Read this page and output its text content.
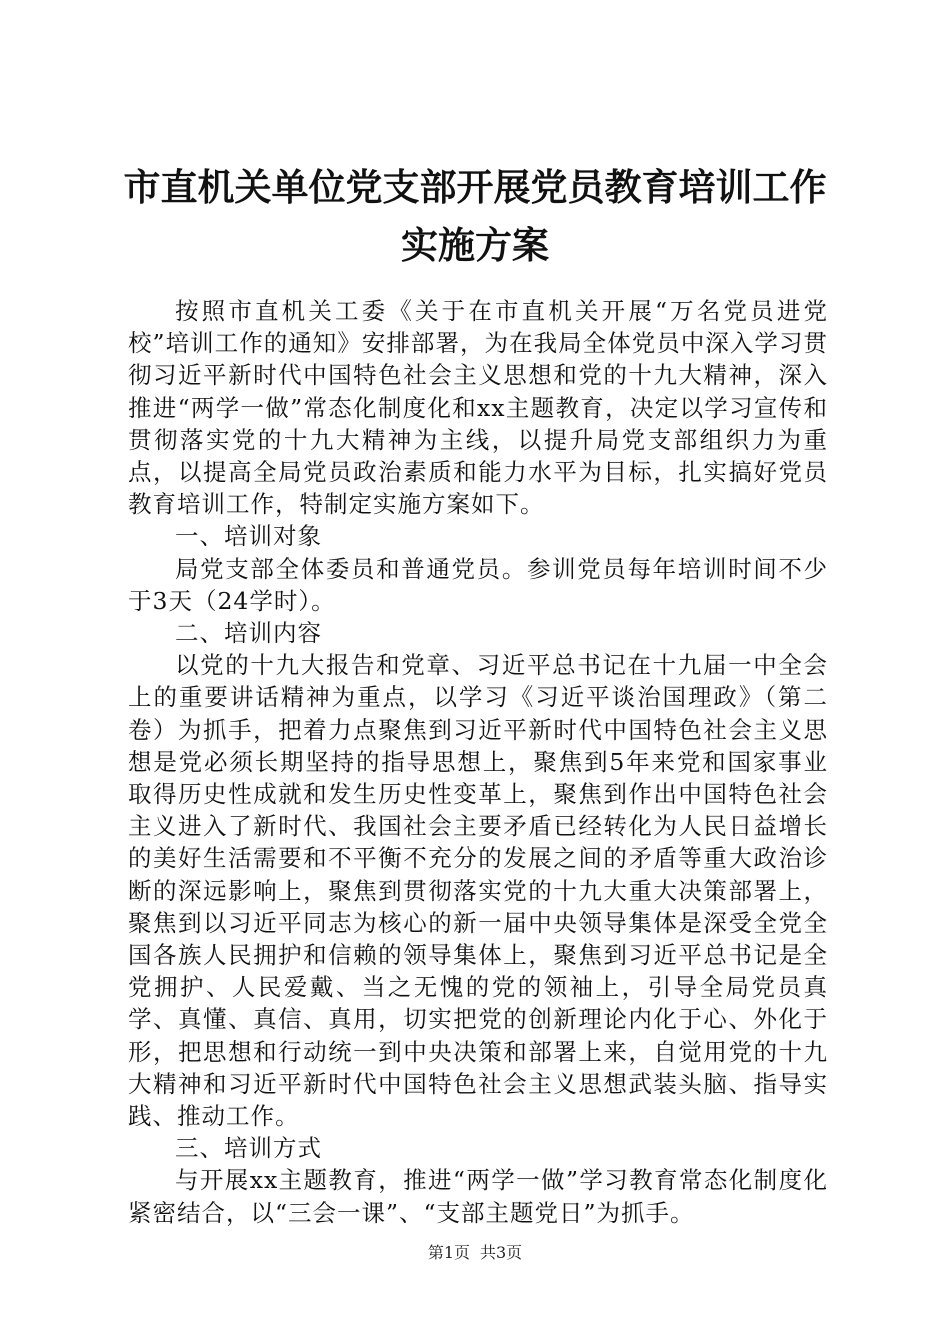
市直机关单位党支部开展党员教育培训工作实施方案

按照市直机关工委《关于在市直机关开展“万名党员进党校”培训工作的通知》安排部署，为在我局全体党员中深入学习贯彻习近平新时代中国特色社会主义思想和党的十九大精神，深入推进“两学一做”常态化制度化和xx主题教育，决定以学习宣传和贯彻落实党的十九大精神为主线，以提升局党支部组织力为重点，以提高全局党员政治素质和能力水平为目标，扎实搞好党员教育培训工作，特制定实施方案如下。

一、培训对象

局党支部全体委员和普通党员。参训党员每年培训时间不少于3天（24学时）。

二、培训内容

以党的十九大报告和党章、习近平总书记在十九届一中全会上的重要讲话精神为重点，以学习《习近平谈治国理政》（第二卷）为抓手，把着力点聚焦到习近平新时代中国特色社会主义思想是党必须长期坚持的指导思想上，聚焦到5年来党和国家事业取得历史性成就和发生历史性变革上，聚焦到作出中国特色社会主义进入了新时代、我国社会主要矛盾已经转化为人民日益增长的美好生活需要和不平衡不充分的发展之间的矛盾等重大政治诊断的深远影响上，聚焦到贯彻落实党的十九大重大决策部署上，聚焦到以习近平同志为核心的新一届中央领导集体是深受全党全国各族人民拥护和信赖的领导集体上，聚焦到习近平总书记是全党拥护、人民爱戴、当之无愧的党的领袖上，引导全局党员真学、真懂、真信、真用，切实把党的创新理论内化于心、外化于形，把思想和行动统一到中央决策和部署上来，自觉用党的十九大精神和习近平新时代中国特色社会主义思想武装头脑、指导实践、推动工作。

三、培训方式

与开展xx主题教育，推进“两学一做”学习教育常态化制度化紧密结合，以“三会一课”、“支部主题党日”为抓手。

第1页 共3页
